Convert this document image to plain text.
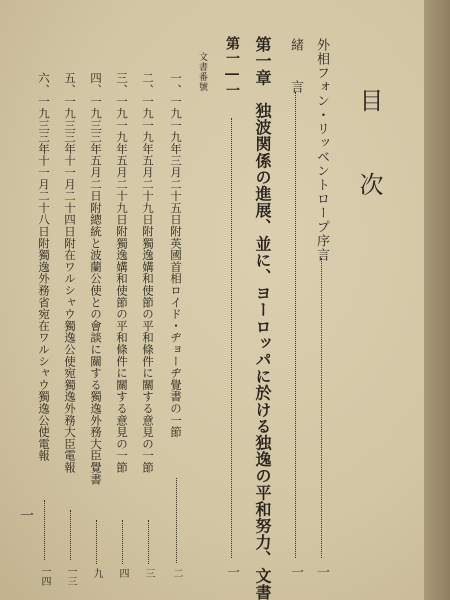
目　次
外相フォン・リッベントロープ序言
一
緒　　言
一
第一章　独波関係の進展、並に、ヨーロッパに於ける独逸の平和努力、文書
第一―一
一
文書番號
一、一九一九年三月二十五日附英國首相ロイド・ヂョーヂ覺書の一節
二
二、一九一九年五月二十九日附獨逸媾和使節の平和條件に關する意見の一節
三
三、一九一九年五月二十九日附獨逸媾和使節の平和條件に關する意見の一節
四
四、一九三三年五月二日附總統と波蘭公使との會談に關する獨逸外務大臣覺書
九
五、一九三三年十一月二十四日附在ワルシャウ獨逸公使宛獨逸外務大臣電報
一三
六、一九三三年十一月二十八日附獨逸外務省宛在ワルシャウ獨逸公使電報
一四
一
